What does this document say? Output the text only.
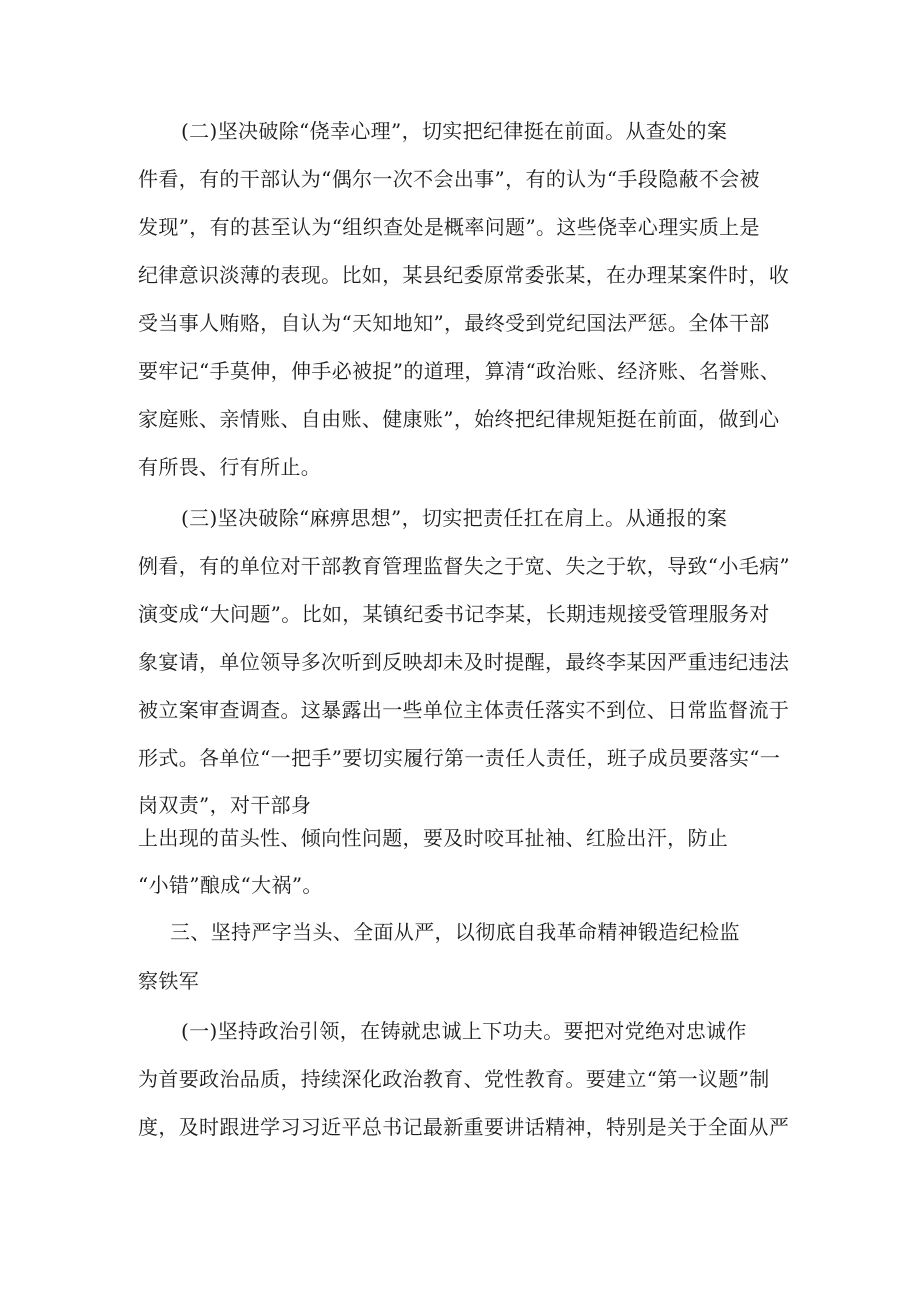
(二)坚决破除“侥幸心理”，切实把纪律挺在前面。从查处的案
件看，有的干部认为“偶尔一次不会出事”，有的认为“手段隐蔽不会被
发现”，有的甚至认为“组织查处是概率问题”。这些侥幸心理实质上是
纪律意识淡薄的表现。比如，某县纪委原常委张某，在办理某案件时，收
受当事人贿赂，自认为“天知地知”，最终受到党纪国法严惩。全体干部
要牢记“手莫伸，伸手必被捉”的道理，算清“政治账、经济账、名誉账、
家庭账、亲情账、自由账、健康账”，始终把纪律规矩挺在前面，做到心
有所畏、行有所止。
(三)坚决破除“麻痹思想”，切实把责任扛在肩上。从通报的案
例看，有的单位对干部教育管理监督失之于宽、失之于软，导致“小毛病”
演变成“大问题”。比如，某镇纪委书记李某，长期违规接受管理服务对
象宴请，单位领导多次听到反映却未及时提醒，最终李某因严重违纪违法
被立案审查调查。这暴露出一些单位主体责任落实不到位、日常监督流于
形式。各单位“一把手”要切实履行第一责任人责任，班子成员要落实“一
岗双责”，对干部身
上出现的苗头性、倾向性问题，要及时咬耳扯袖、红脸出汗，防止
“小错”酿成“大祸”。
三、坚持严字当头、全面从严，以彻底自我革命精神锻造纪检监
察铁军
(一)坚持政治引领，在铸就忠诚上下功夫。要把对党绝对忠诚作
为首要政治品质，持续深化政治教育、党性教育。要建立“第一议题”制
度，及时跟进学习习近平总书记最新重要讲话精神，特别是关于全面从严
